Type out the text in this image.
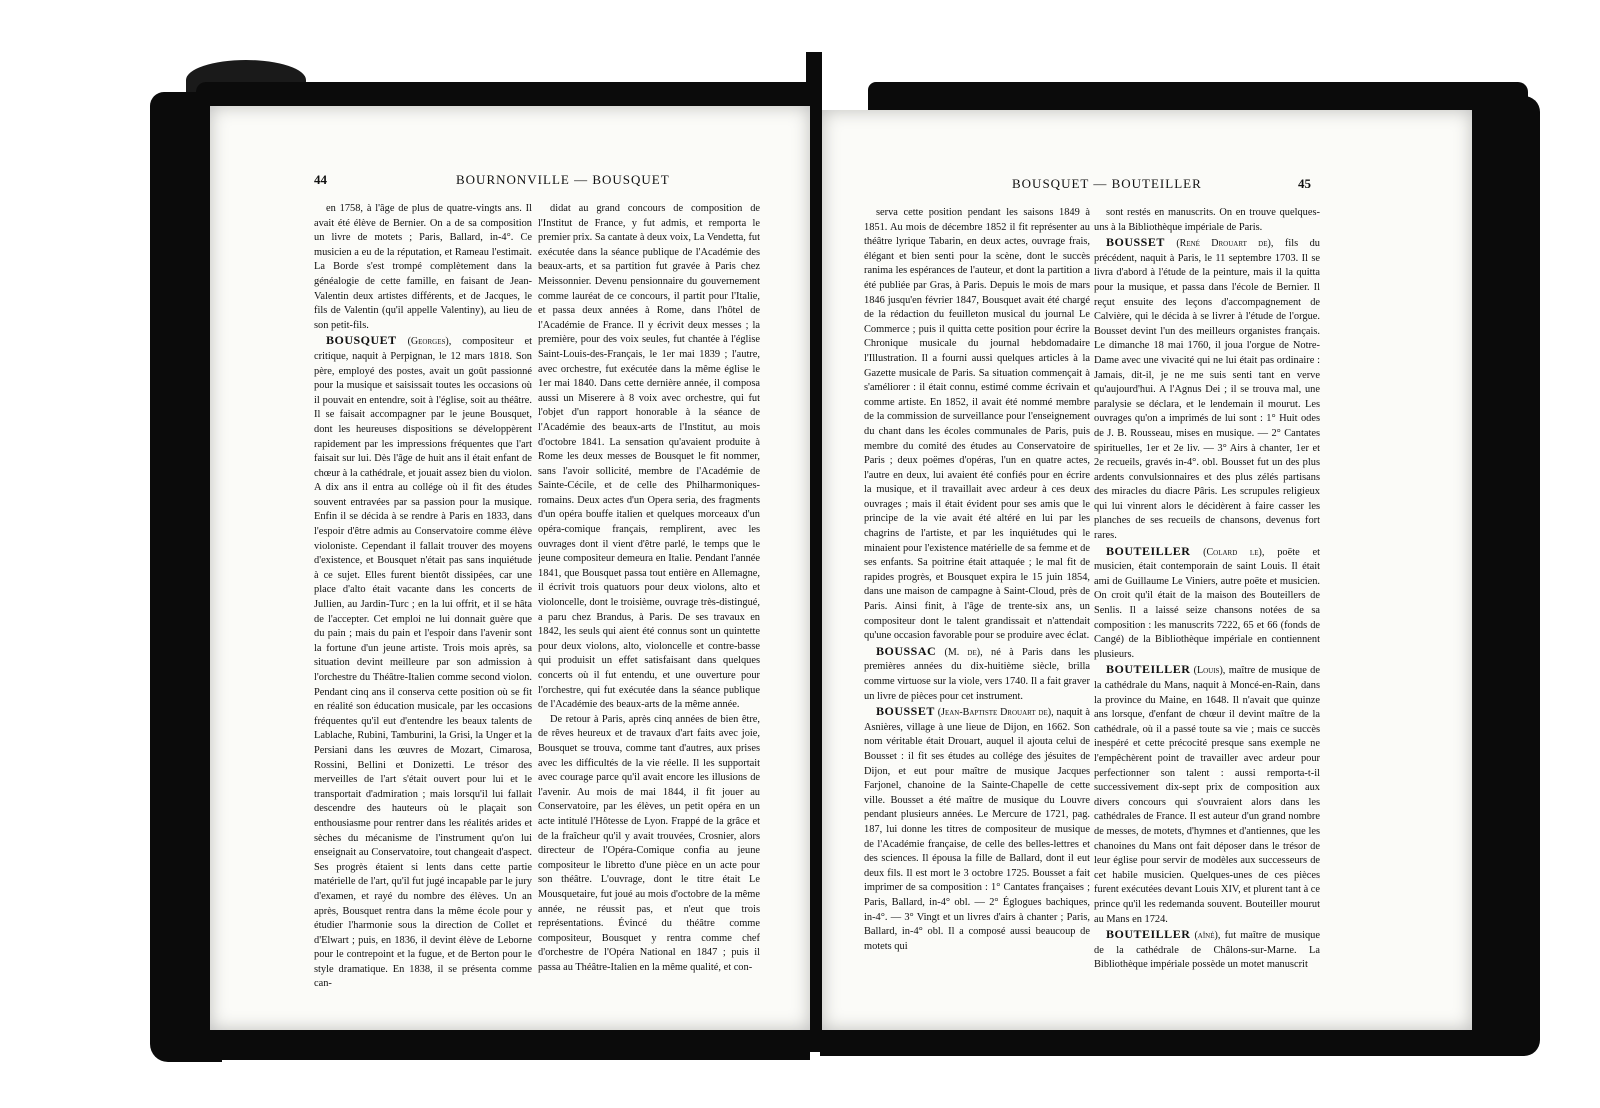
44	BOURNONVILLE — BOUSQUET

en 1758, à l'âge de plus de quatre-vingts ans. Il avait été élève de Bernier. On a de sa composition un livre de motets ; Paris, Ballard, in-4°. Ce musicien a eu de la réputation, et Rameau l'estimait. La Borde s'est trompé complètement dans la généalogie de cette famille, en faisant de Jean-Valentin deux artistes différents, et de Jacques, le fils de Valentin (qu'il appelle Valentiny), au lieu de son petit-fils.

BOUSQUET (Georges), compositeur et critique, naquit à Perpignan, le 12 mars 1818. Son père, employé des postes, avait un goût passionné pour la musique et saisissait toutes les occasions où il pouvait en entendre, soit à l'église, soit au théâtre. Il se faisait accompagner par le jeune Bousquet, dont les heureuses dispositions se développèrent rapidement par les impressions fréquentes que l'art faisait sur lui. Dès l'âge de huit ans il était enfant de chœur à la cathédrale, et jouait assez bien du violon. A dix ans il entra au collége où il fit des études souvent entravées par sa passion pour la musique. Enfin il se décida à se rendre à Paris en 1833, dans l'espoir d'être admis au Conservatoire comme élève violoniste. Cependant il fallait trouver des moyens d'existence, et Bousquet n'était pas sans inquiétude à ce sujet. Elles furent bientôt dissipées, car une place d'alto était vacante dans les concerts de Jullien, au Jardin-Turc ; en la lui offrit, et il se hâta de l'accepter. Cet emploi ne lui donnait guère que du pain ; mais du pain et l'espoir dans l'avenir sont la fortune d'un jeune artiste. Trois mois après, sa situation devint meilleure par son admission à l'orchestre du Théâtre-Italien comme second violon. Pendant cinq ans il conserva cette position où se fit en réalité son éducation musicale, par les occasions fréquentes qu'il eut d'entendre les beaux talents de Lablache, Rubini, Tamburini, la Grisi, la Unger et la Persiani dans les œuvres de Mozart, Cimarosa, Rossini, Bellini et Donizetti. Le trésor des merveilles de l'art s'était ouvert pour lui et le transportait d'admiration ; mais lorsqu'il lui fallait descendre des hauteurs où le plaçait son enthousiasme pour rentrer dans les réalités arides et sèches du mécanisme de l'instrument qu'on lui enseignait au Conservatoire, tout changeait d'aspect. Ses progrès étaient si lents dans cette partie matérielle de l'art, qu'il fut jugé incapable par le jury d'examen, et rayé du nombre des élèves. Un an après, Bousquet rentra dans la même école pour y étudier l'harmonie sous la direction de Collet et d'Elwart ; puis, en 1836, il devint élève de Leborne pour le contrepoint et la fugue, et de Berton pour le style dramatique. En 1838, il se présenta comme can-

didat au grand concours de composition de l'Institut de France, y fut admis, et remporta le premier prix. Sa cantate à deux voix, La Vendetta, fut exécutée dans la séance publique de l'Académie des beaux-arts, et sa partition fut gravée à Paris chez Meissonnier. Devenu pensionnaire du gouvernement comme lauréat de ce concours, il partit pour l'Italie, et passa deux années à Rome, dans l'hôtel de l'Académie de France. Il y écrivit deux messes ; la première, pour des voix seules, fut chantée à l'église Saint-Louis-des-Français, le 1er mai 1839 ; l'autre, avec orchestre, fut exécutée dans la même église le 1er mai 1840. Dans cette dernière année, il composa aussi un Miserere à 8 voix avec orchestre, qui fut l'objet d'un rapport honorable à la séance de l'Académie des beaux-arts de l'Institut, au mois d'octobre 1841. La sensation qu'avaient produite à Rome les deux messes de Bousquet le fit nommer, sans l'avoir sollicité, membre de l'Académie de Sainte-Cécile, et de celle des Philharmoniques-romains. Deux actes d'un Opera seria, des fragments d'un opéra bouffe italien et quelques morceaux d'un opéra-comique français, remplirent, avec les ouvrages dont il vient d'être parlé, le temps que le jeune compositeur demeura en Italie. Pendant l'année 1841, que Bousquet passa tout entière en Allemagne, il écrivit trois quatuors pour deux violons, alto et violoncelle, dont le troisième, ouvrage très-distingué, a paru chez Brandus, à Paris. De ses travaux en 1842, les seuls qui aient été connus sont un quintette pour deux violons, alto, violoncelle et contre-basse qui produisit un effet satisfaisant dans quelques concerts où il fut entendu, et une ouverture pour l'orchestre, qui fut exécutée dans la séance publique de l'Académie des beaux-arts de la même année.

De retour à Paris, après cinq années de bien être, de rêves heureux et de travaux d'art faits avec joie, Bousquet se trouva, comme tant d'autres, aux prises avec les difficultés de la vie réelle. Il les supportait avec courage parce qu'il avait encore les illusions de l'avenir. Au mois de mai 1844, il fit jouer au Conservatoire, par les élèves, un petit opéra en un acte intitulé l'Hôtesse de Lyon. Frappé de la grâce et de la fraîcheur qu'il y avait trouvées, Crosnier, alors directeur de l'Opéra-Comique confia au jeune compositeur le libretto d'une pièce en un acte pour son théâtre. L'ouvrage, dont le titre était Le Mousquetaire, fut joué au mois d'octobre de la même année, ne réussit pas, et n'eut que trois représentations. Évincé du théâtre comme compositeur, Bousquet y rentra comme chef d'orchestre de l'Opéra National en 1847 ; puis il passa au Théâtre-Italien en la même qualité, et con-

BOUSQUET — BOUTEILLER	45

serva cette position pendant les saisons 1849 à 1851. Au mois de décembre 1852 il fit représenter au théâtre lyrique Tabarin, en deux actes, ouvrage frais, élégant et bien senti pour la scène, dont le succès ranima les espérances de l'auteur, et dont la partition a été publiée par Gras, à Paris. Depuis le mois de mars 1846 jusqu'en février 1847, Bousquet avait été chargé de la rédaction du feuilleton musical du journal Le Commerce ; puis il quitta cette position pour écrire la Chronique musicale du journal hebdomadaire l'Illustration. Il a fourni aussi quelques articles à la Gazette musicale de Paris. Sa situation commençait à s'améliorer : il était connu, estimé comme écrivain et comme artiste. En 1852, il avait été nommé membre de la commission de surveillance pour l'enseignement du chant dans les écoles communales de Paris, puis membre du comité des études au Conservatoire de Paris ; deux poëmes d'opéras, l'un en quatre actes, l'autre en deux, lui avaient été confiés pour en écrire la musique, et il travaillait avec ardeur à ces deux ouvrages ; mais il était évident pour ses amis que le principe de la vie avait été altéré en lui par les chagrins de l'artiste, et par les inquiétudes qui le minaient pour l'existence matérielle de sa femme et de ses enfants. Sa poitrine était attaquée ; le mal fit de rapides progrès, et Bousquet expira le 15 juin 1854, dans une maison de campagne à Saint-Cloud, près de Paris. Ainsi finit, à l'âge de trente-six ans, un compositeur dont le talent grandissait et n'attendait qu'une occasion favorable pour se produire avec éclat.

BOUSSAC (M. de), né à Paris dans les premières années du dix-huitième siècle, brilla comme virtuose sur la viole, vers 1740. Il a fait graver un livre de pièces pour cet instrument.

BOUSSET (Jean-Baptiste Drouart de), naquit à Asnières, village à une lieue de Dijon, en 1662. Son nom véritable était Drouart, auquel il ajouta celui de Bousset : il fit ses études au collége des jésuites de Dijon, et eut pour maître de musique Jacques Farjonel, chanoine de la Sainte-Chapelle de cette ville. Bousset a été maître de musique du Louvre pendant plusieurs années. Le Mercure de 1721, pag. 187, lui donne les titres de compositeur de musique de l'Académie française, de celle des belles-lettres et des sciences. Il épousa la fille de Ballard, dont il eut deux fils. Il est mort le 3 octobre 1725. Bousset a fait imprimer de sa composition : 1° Cantates françaises ; Paris, Ballard, in-4° obl. — 2° Églogues bachiques, in-4°. — 3° Vingt et un livres d'airs à chanter ; Paris, Ballard, in-4° obl. Il a composé aussi beaucoup de motets qui

sont restés en manuscrits. On en trouve quelques-uns à la Bibliothèque impériale de Paris.

BOUSSET (René Drouart de), fils du précédent, naquit à Paris, le 11 septembre 1703. Il se livra d'abord à l'étude de la peinture, mais il la quitta pour la musique, et passa dans l'école de Bernier. Il reçut ensuite des leçons d'accompagnement de Calvière, qui le décida à se livrer à l'étude de l'orgue. Bousset devint l'un des meilleurs organistes français. Le dimanche 18 mai 1760, il joua l'orgue de Notre-Dame avec une vivacité qui ne lui était pas ordinaire : Jamais, dit-il, je ne me suis senti tant en verve qu'aujourd'hui. A l'Agnus Dei ; il se trouva mal, une paralysie se déclara, et le lendemain il mourut. Les ouvrages qu'on a imprimés de lui sont : 1° Huit odes de J. B. Rousseau, mises en musique. — 2° Cantates spirituelles, 1er et 2e liv. — 3° Airs à chanter, 1er et 2e recueils, gravés in-4°. obl. Bousset fut un des plus ardents convulsionnaires et des plus zélés partisans des miracles du diacre Pâris. Les scrupules religieux qui lui vinrent alors le décidèrent à faire casser les planches de ses recueils de chansons, devenus fort rares.

BOUTEILLER (Colard le), poëte et musicien, était contemporain de saint Louis. Il était ami de Guillaume Le Viniers, autre poëte et musicien. On croit qu'il était de la maison des Bouteillers de Senlis. Il a laissé seize chansons notées de sa composition : les manuscrits 7222, 65 et 66 (fonds de Cangé) de la Bibliothèque impériale en contiennent plusieurs.

BOUTEILLER (Louis), maître de musique de la cathédrale du Mans, naquit à Moncé-en-Rain, dans la province du Maine, en 1648. Il n'avait que quinze ans lorsque, d'enfant de chœur il devint maître de la cathédrale, où il a passé toute sa vie ; mais ce succès inespéré et cette précocité presque sans exemple ne l'empêchèrent point de travailler avec ardeur pour perfectionner son talent : aussi remporta-t-il successivement dix-sept prix de composition aux divers concours qui s'ouvraient alors dans les cathédrales de France. Il est auteur d'un grand nombre de messes, de motets, d'hymnes et d'antiennes, que les chanoines du Mans ont fait déposer dans le trésor de leur église pour servir de modèles aux successeurs de cet habile musicien. Quelques-unes de ces pièces furent exécutées devant Louis XIV, et plurent tant à ce prince qu'il les redemanda souvent. Bouteiller mourut au Mans en 1724.

BOUTEILLER (aîné), fut maître de musique de la cathédrale de Châlons-sur-Marne. La Bibliothèque impériale possède un motet manuscrit
